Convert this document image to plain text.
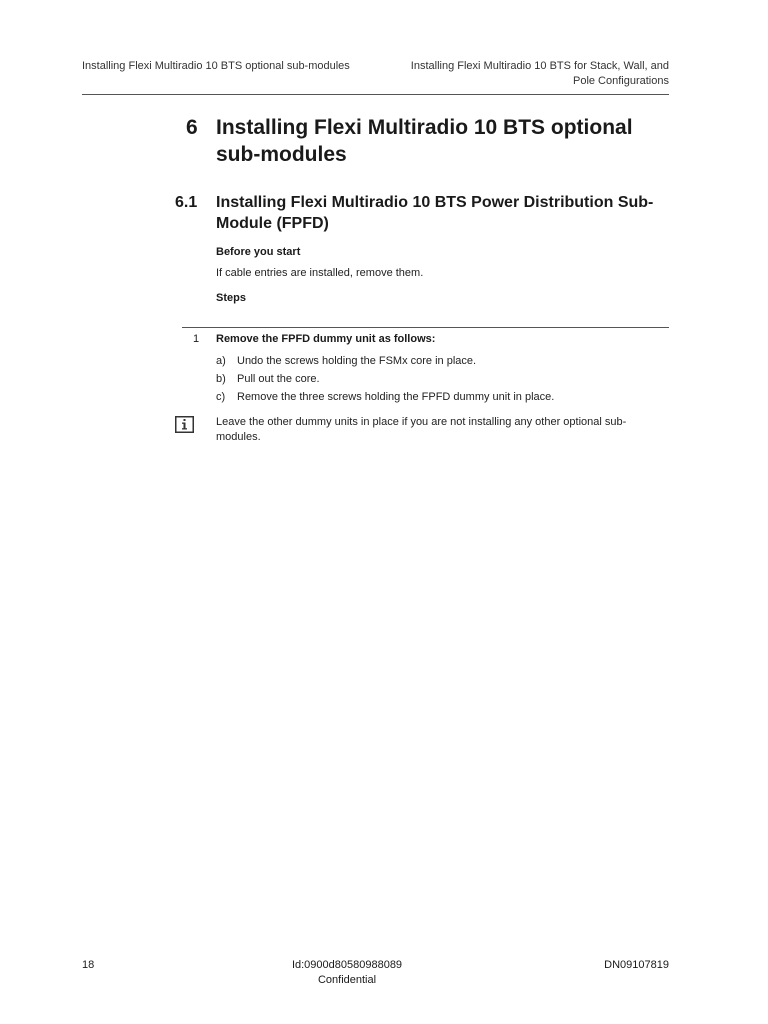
Installing Flexi Multiradio 10 BTS optional sub-modules	Installing Flexi Multiradio 10 BTS for Stack, Wall, and
Pole Configurations
6 Installing Flexi Multiradio 10 BTS optional sub-modules
6.1 Installing Flexi Multiradio 10 BTS Power Distribution Sub-Module (FPFD)
Before you start
If cable entries are installed, remove them.
Steps
1 Remove the FPFD dummy unit as follows:
a) Undo the screws holding the FSMx core in place.
b) Pull out the core.
c) Remove the three screws holding the FPFD dummy unit in place.
Leave the other dummy units in place if you are not installing any other optional sub-modules.
18	Id:0900d80580988089
Confidential
DN09107819
